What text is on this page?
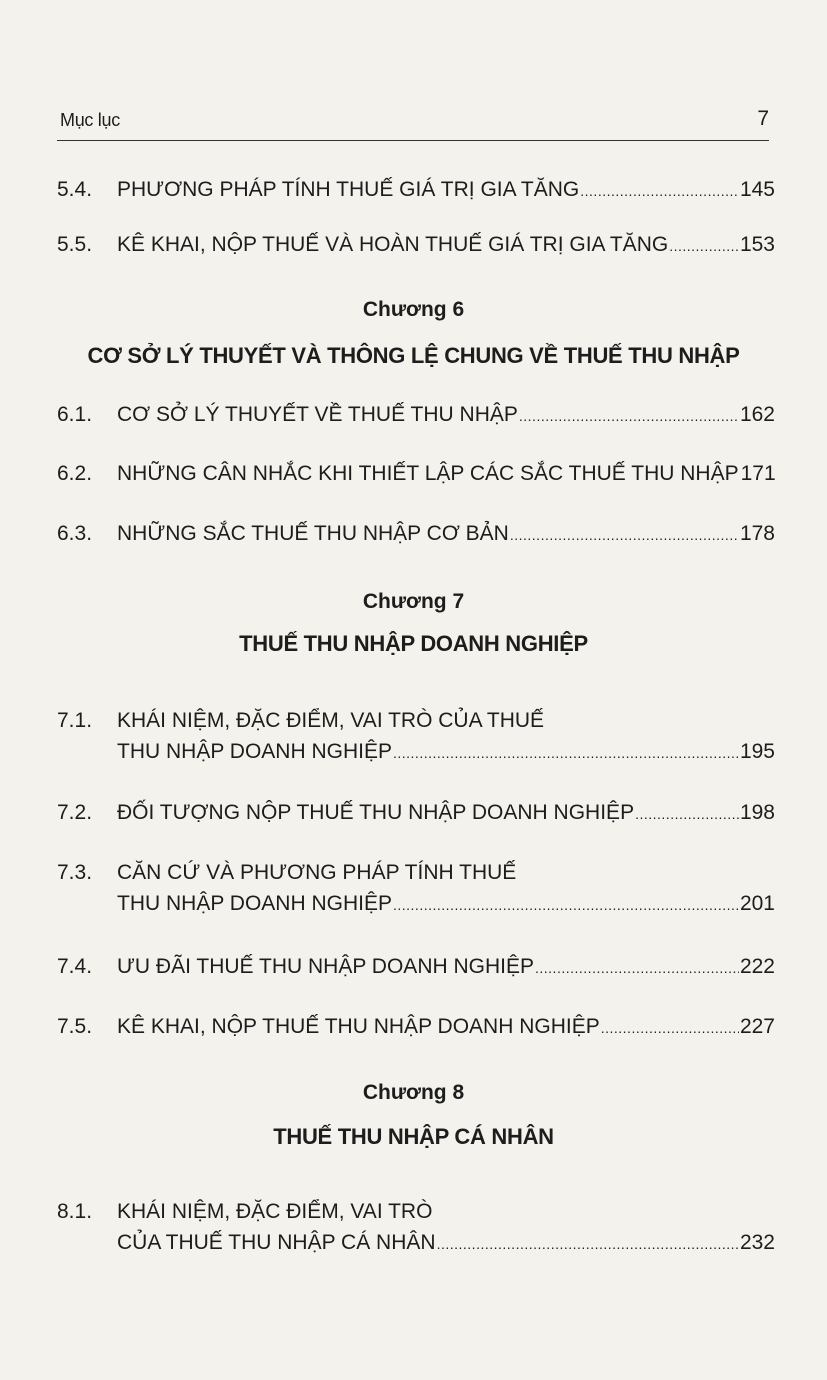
Mục lục	7
5.4. PHƯƠNG PHÁP TÍNH THUẾ GIÁ TRỊ GIA TĂNG .....	145
5.5. KÊ KHAI, NỘP THUẾ VÀ HOÀN THUẾ GIÁ TRỊ GIA TĂNG .....	153
Chương 6
CƠ SỞ LÝ THUYẾT VÀ THÔNG LỆ CHUNG VỀ THUẾ THU NHẬP
6.1. CƠ SỞ LÝ THUYẾT VỀ THUẾ THU NHẬP .....	162
6.2. NHỮNG CÂN NHẮC KHI THIẾT LẬP CÁC SẮC THUẾ THU NHẬP 171
6.3. NHỮNG SẮC THUẾ THU NHẬP CƠ BẢN .....	178
Chương 7
THUẾ THU NHẬP DOANH NGHIỆP
7.1. KHÁI NIỆM, ĐẶC ĐIỂM, VAI TRÒ CỦA THUẾ
THU NHẬP DOANH NGHIỆP .....	195
7.2. ĐỐI TƯỢNG NỘP THUẾ THU NHẬP DOANH NGHIỆP .....	198
7.3. CĂN CỨ VÀ PHƯƠNG PHÁP TÍNH THUẾ
THU NHẬP DOANH NGHIỆP .....	201
7.4. ƯU ĐÃI THUẾ THU NHẬP DOANH NGHIỆP .....	222
7.5. KÊ KHAI, NỘP THUẾ THU NHẬP DOANH NGHIỆP .....	227
Chương 8
THUẾ THU NHẬP CÁ NHÂN
8.1. KHÁI NIỆM, ĐẶC ĐIỂM, VAI TRÒ
CỦA THUẾ THU NHẬP CÁ NHÂN .....	232
